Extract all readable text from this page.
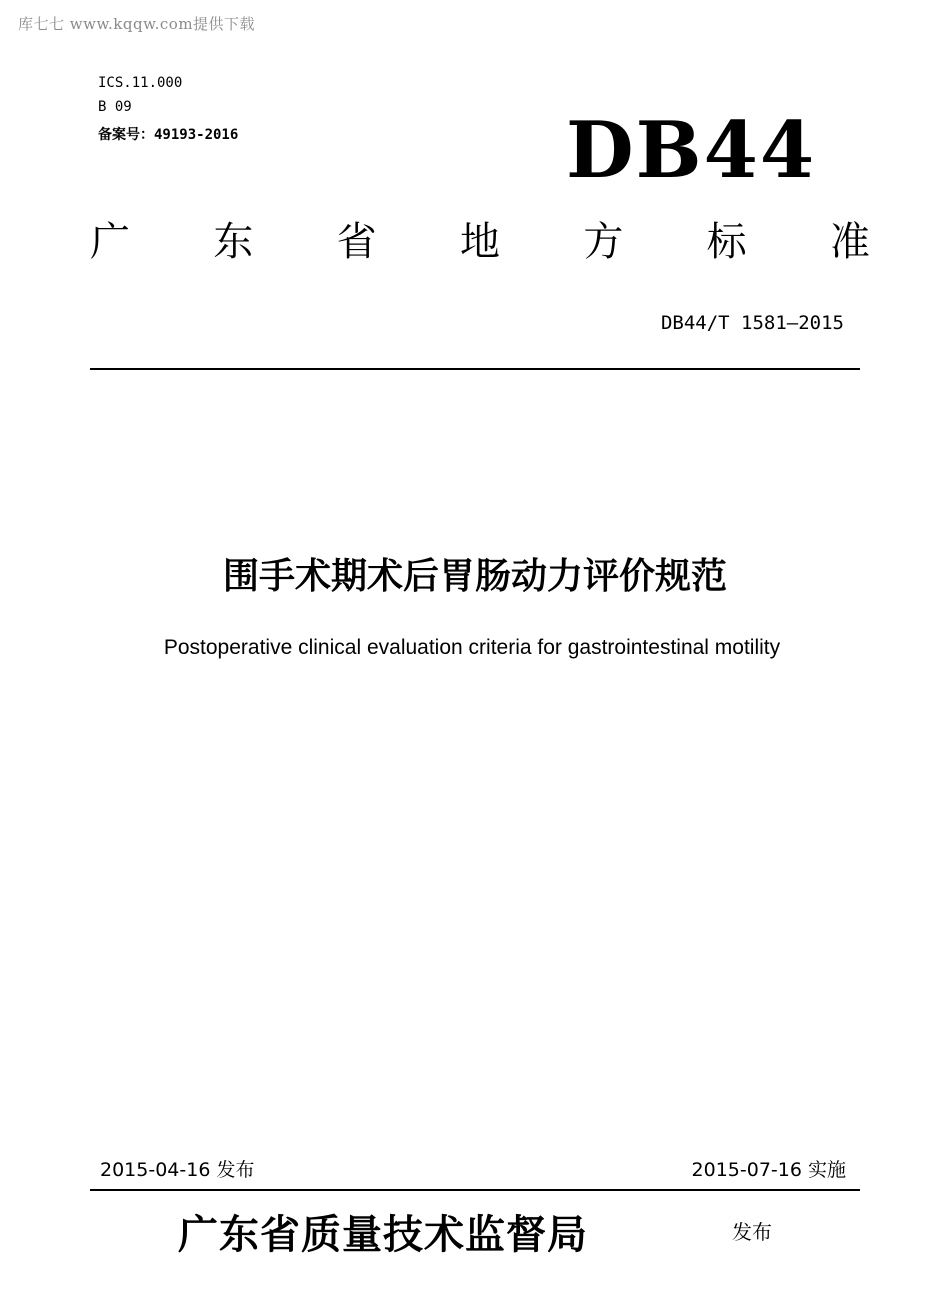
库七七 www.kqqw.com提供下载
ICS.11.000
B 09
备案号：49193-2016	DB44
广 东 省 地 方 标 准
DB44/T 1581—2015
围手术期术后胃肠动力评价规范
Postoperative clinical evaluation criteria for gastrointestinal motility
2015-04-16 发布	2015-07-16 实施
广东省质量技术监督局	发布
